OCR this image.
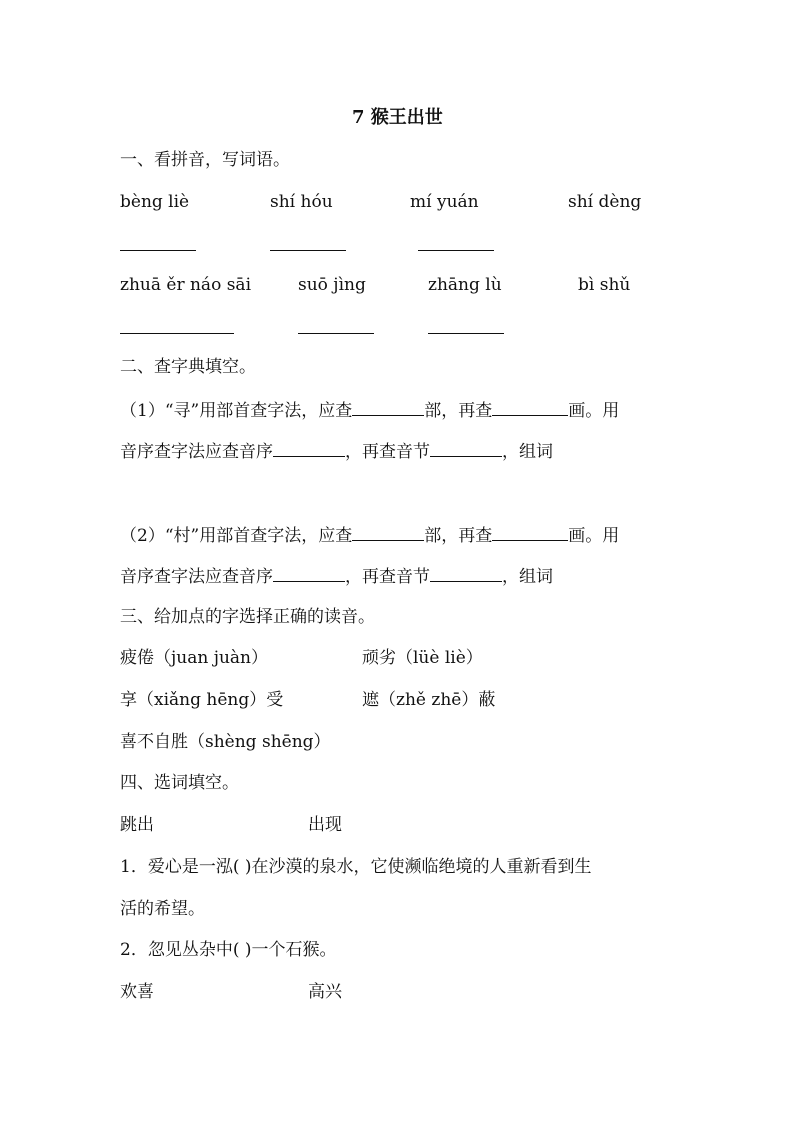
7 猴王出世
一、看拼音，写词语。
bèng liè	shí hóu	mí yuán	shí dèng
zhuā ěr náo sāi	suō jìng	zhāng lù	bì shǔ
二、查字典填空。
（1）“寻”用部首查字法，应查	部，再查	画。用
音序查字法应查音序	，再查音节	，组词
（2）“村”用部首查字法，应查	部，再查	画。用
音序查字法应查音序	，再查音节	，组词
三、给加点的字选择正确的读音。
疲倦（juan juàn）	顽劣（lüè liè）
享（xiǎng hēng）受	遮（zhě zhē）蔽
喜不自胜（shèng shēng）
四、选词填空。
跳出	出现
1．爱心是一泓( )在沙漠的泉水，它使濒临绝境的人重新看到生
活的希望。
2．忽见丛杂中( )一个石猴。
欢喜	高兴
